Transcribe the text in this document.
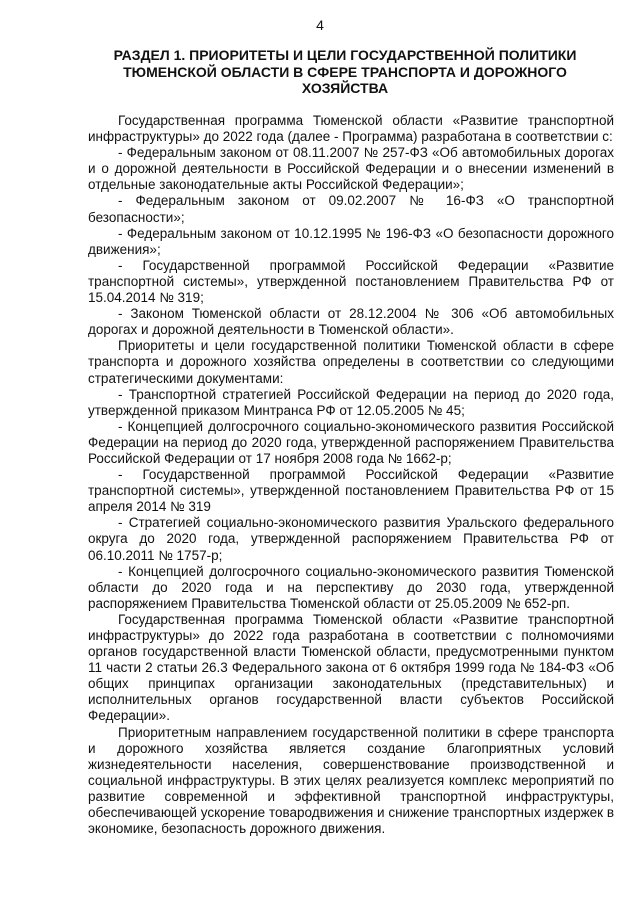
4
РАЗДЕЛ 1. ПРИОРИТЕТЫ И ЦЕЛИ ГОСУДАРСТВЕННОЙ ПОЛИТИКИ ТЮМЕНСКОЙ ОБЛАСТИ В СФЕРЕ ТРАНСПОРТА И ДОРОЖНОГО ХОЗЯЙСТВА

Государственная программа Тюменской области «Развитие транспортной инфраструктуры» до 2022 года (далее - Программа) разработана в соответствии с:

- Федеральным законом от 08.11.2007 № 257-ФЗ «Об автомобильных дорогах и о дорожной деятельности в Российской Федерации и о внесении изменений в отдельные законодательные акты Российской Федерации»;

- Федеральным законом от 09.02.2007 № 16-ФЗ «О транспортной безопасности»;

- Федеральным законом от 10.12.1995 № 196-ФЗ «О безопасности дорожного движения»;

- Государственной программой Российской Федерации «Развитие транспортной системы», утвержденной постановлением Правительства РФ от 15.04.2014 № 319;

- Законом Тюменской области от 28.12.2004 № 306 «Об автомобильных дорогах и дорожной деятельности в Тюменской области».

Приоритеты и цели государственной политики Тюменской области в сфере транспорта и дорожного хозяйства определены в соответствии со следующими стратегическими документами:

- Транспортной стратегией Российской Федерации на период до 2020 года, утвержденной приказом Минтранса РФ от 12.05.2005 № 45;

- Концепцией долгосрочного социально-экономического развития Российской Федерации на период до 2020 года, утвержденной распоряжением Правительства Российской Федерации от 17 ноября 2008 года № 1662-р;

- Государственной программой Российской Федерации «Развитие транспортной системы», утвержденной постановлением Правительства РФ от 15 апреля 2014 № 319

- Стратегией социально-экономического развития Уральского федерального округа до 2020 года, утвержденной распоряжением Правительства РФ от 06.10.2011 № 1757-р;

- Концепцией долгосрочного социально-экономического развития Тюменской области до 2020 года и на перспективу до 2030 года, утвержденной распоряжением Правительства Тюменской области от 25.05.2009 № 652-рп.

Государственная программа Тюменской области «Развитие транспортной инфраструктуры» до 2022 года разработана в соответствии с полномочиями органов государственной власти Тюменской области, предусмотренными пунктом 11 части 2 статьи 26.3 Федерального закона от 6 октября 1999 года № 184-ФЗ «Об общих принципах организации законодательных (представительных) и исполнительных органов государственной власти субъектов Российской Федерации».

Приоритетным направлением государственной политики в сфере транспорта и дорожного хозяйства является создание благоприятных условий жизнедеятельности населения, совершенствование производственной и социальной инфраструктуры. В этих целях реализуется комплекс мероприятий по развитие современной и эффективной транспортной инфраструктуры, обеспечивающей ускорение товародвижения и снижение транспортных издержек в экономике, безопасность дорожного движения.
